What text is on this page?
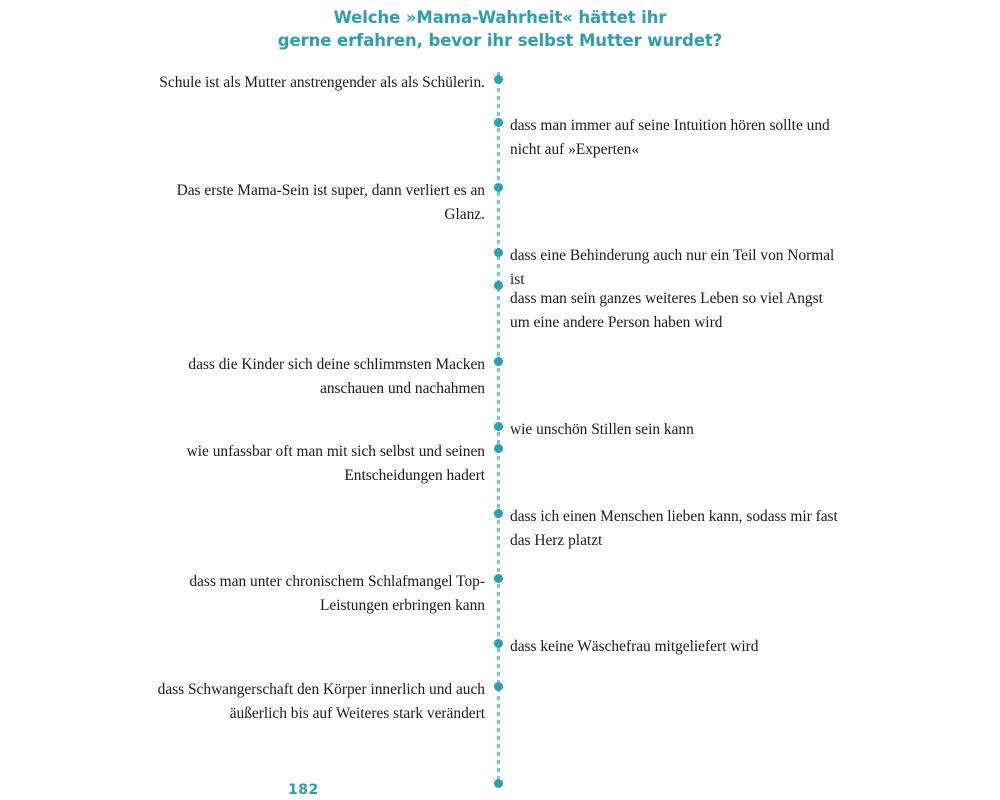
Welche »Mama-Wahrheit« hättet ihr
gerne erfahren, bevor ihr selbst Mutter wurdet?
Schule ist als Mutter anstrengender als als Schülerin.
dass man immer auf seine Intuition hören sollte und nicht auf »Experten«
Das erste Mama-Sein ist super, dann verliert es an Glanz.
dass eine Behinderung auch nur ein Teil von Normal ist
dass man sein ganzes weiteres Leben so viel Angst um eine andere Person haben wird
dass die Kinder sich deine schlimmsten Macken anschauen und nachahmen
wie unschön Stillen sein kann
wie unfassbar oft man mit sich selbst und seinen Entscheidungen hadert
dass ich einen Menschen lieben kann, sodass mir fast das Herz platzt
dass man unter chronischem Schlafmangel Top-Leistungen erbringen kann
dass keine Wäschefrau mitgeliefert wird
dass Schwangerschaft den Körper innerlich und auch äußerlich bis auf Weiteres stark verändert
182
